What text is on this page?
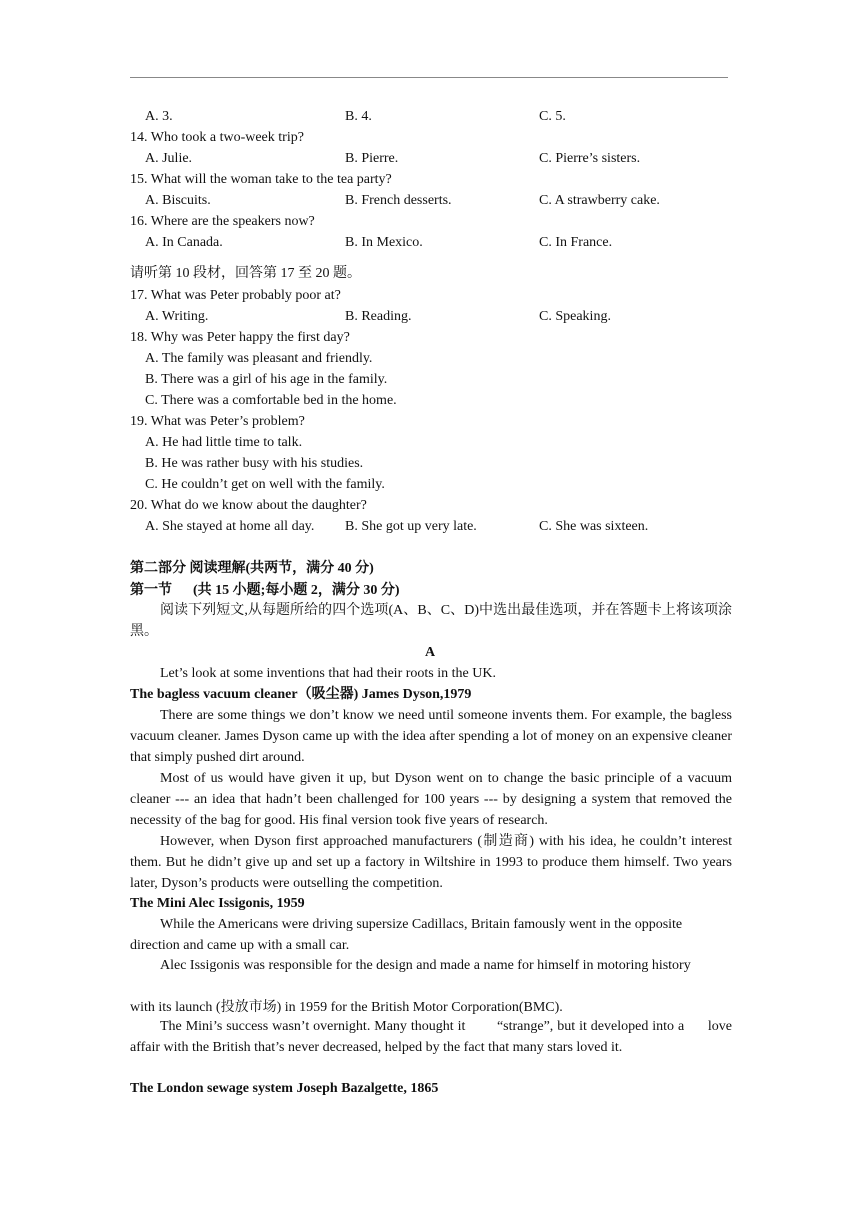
A. 3.	B. 4.	C. 5.
14. Who took a two-week trip?
A. Julie.	B. Pierre.	C. Pierre’s sisters.
15. What will the woman take to the tea party?
A. Biscuits.	B. French desserts.	C. A strawberry cake.
16. Where are the speakers now?
A. In Canada.	B. In Mexico.	C. In France.
请听第 10 段材，回答第 17 至 20 题。
17. What was Peter probably poor at?
A. Writing.	B. Reading.	C. Speaking.
18. Why was Peter happy the first day?
A. The family was pleasant and friendly.
B. There was a girl of his age in the family.
C. There was a comfortable bed in the home.
19. What was Peter’s problem?
A. He had little time to talk.
B. He was rather busy with his studies.
C. He couldn’t get on well with the family.
20. What do we know about the daughter?
A. She stayed at home all day. B. She got up very late.	C. She was sixteen.
第二部分 阅读理解(共两节，满分 40 分)
第一节      (共 15 小题;每小题 2，满分 30 分)
阅读下列短文,从每题所给的四个选项(A、B、C、D)中选出最佳选项，并在答题卡上将该项涂黑。
A
Let’s look at some inventions that had their roots in the UK.
The bagless vacuum cleaner（吸尘器) James Dyson,1979
There are some things we don’t know we need until someone invents them. For example, the bagless vacuum cleaner. James Dyson came up with the idea after spending a lot of money on an expensive cleaner that simply pushed dirt around.
Most of us would have given it up, but Dyson went on to change the basic principle of a vacuum cleaner --- an idea that hadn’t been challenged for 100 years --- by designing a system that removed the necessity of the bag for good. His final version took five years of research.
However, when Dyson first approached manufacturers (制造商) with his idea, he couldn’t interest them. But he didn’t give up and set up a factory in Wiltshire in 1993 to produce them himself. Two years later, Dyson’s products were outselling the competition.
The Mini Alec Issigonis, 1959
While the Americans were driving supersize Cadillacs, Britain famously went in the opposite
direction and came up with a small car.
Alec Issigonis was responsible for the design and made a name for himself in motoring history
with its launch (投放市场) in 1959 for the British Motor Corporation(BMC).
The Mini’s success wasn’t overnight. Many thought it        “strange”, but it developed into a      love affair with the British that’s never decreased, helped by the fact that many stars loved it.
The London sewage system Joseph Bazalgette, 1865
